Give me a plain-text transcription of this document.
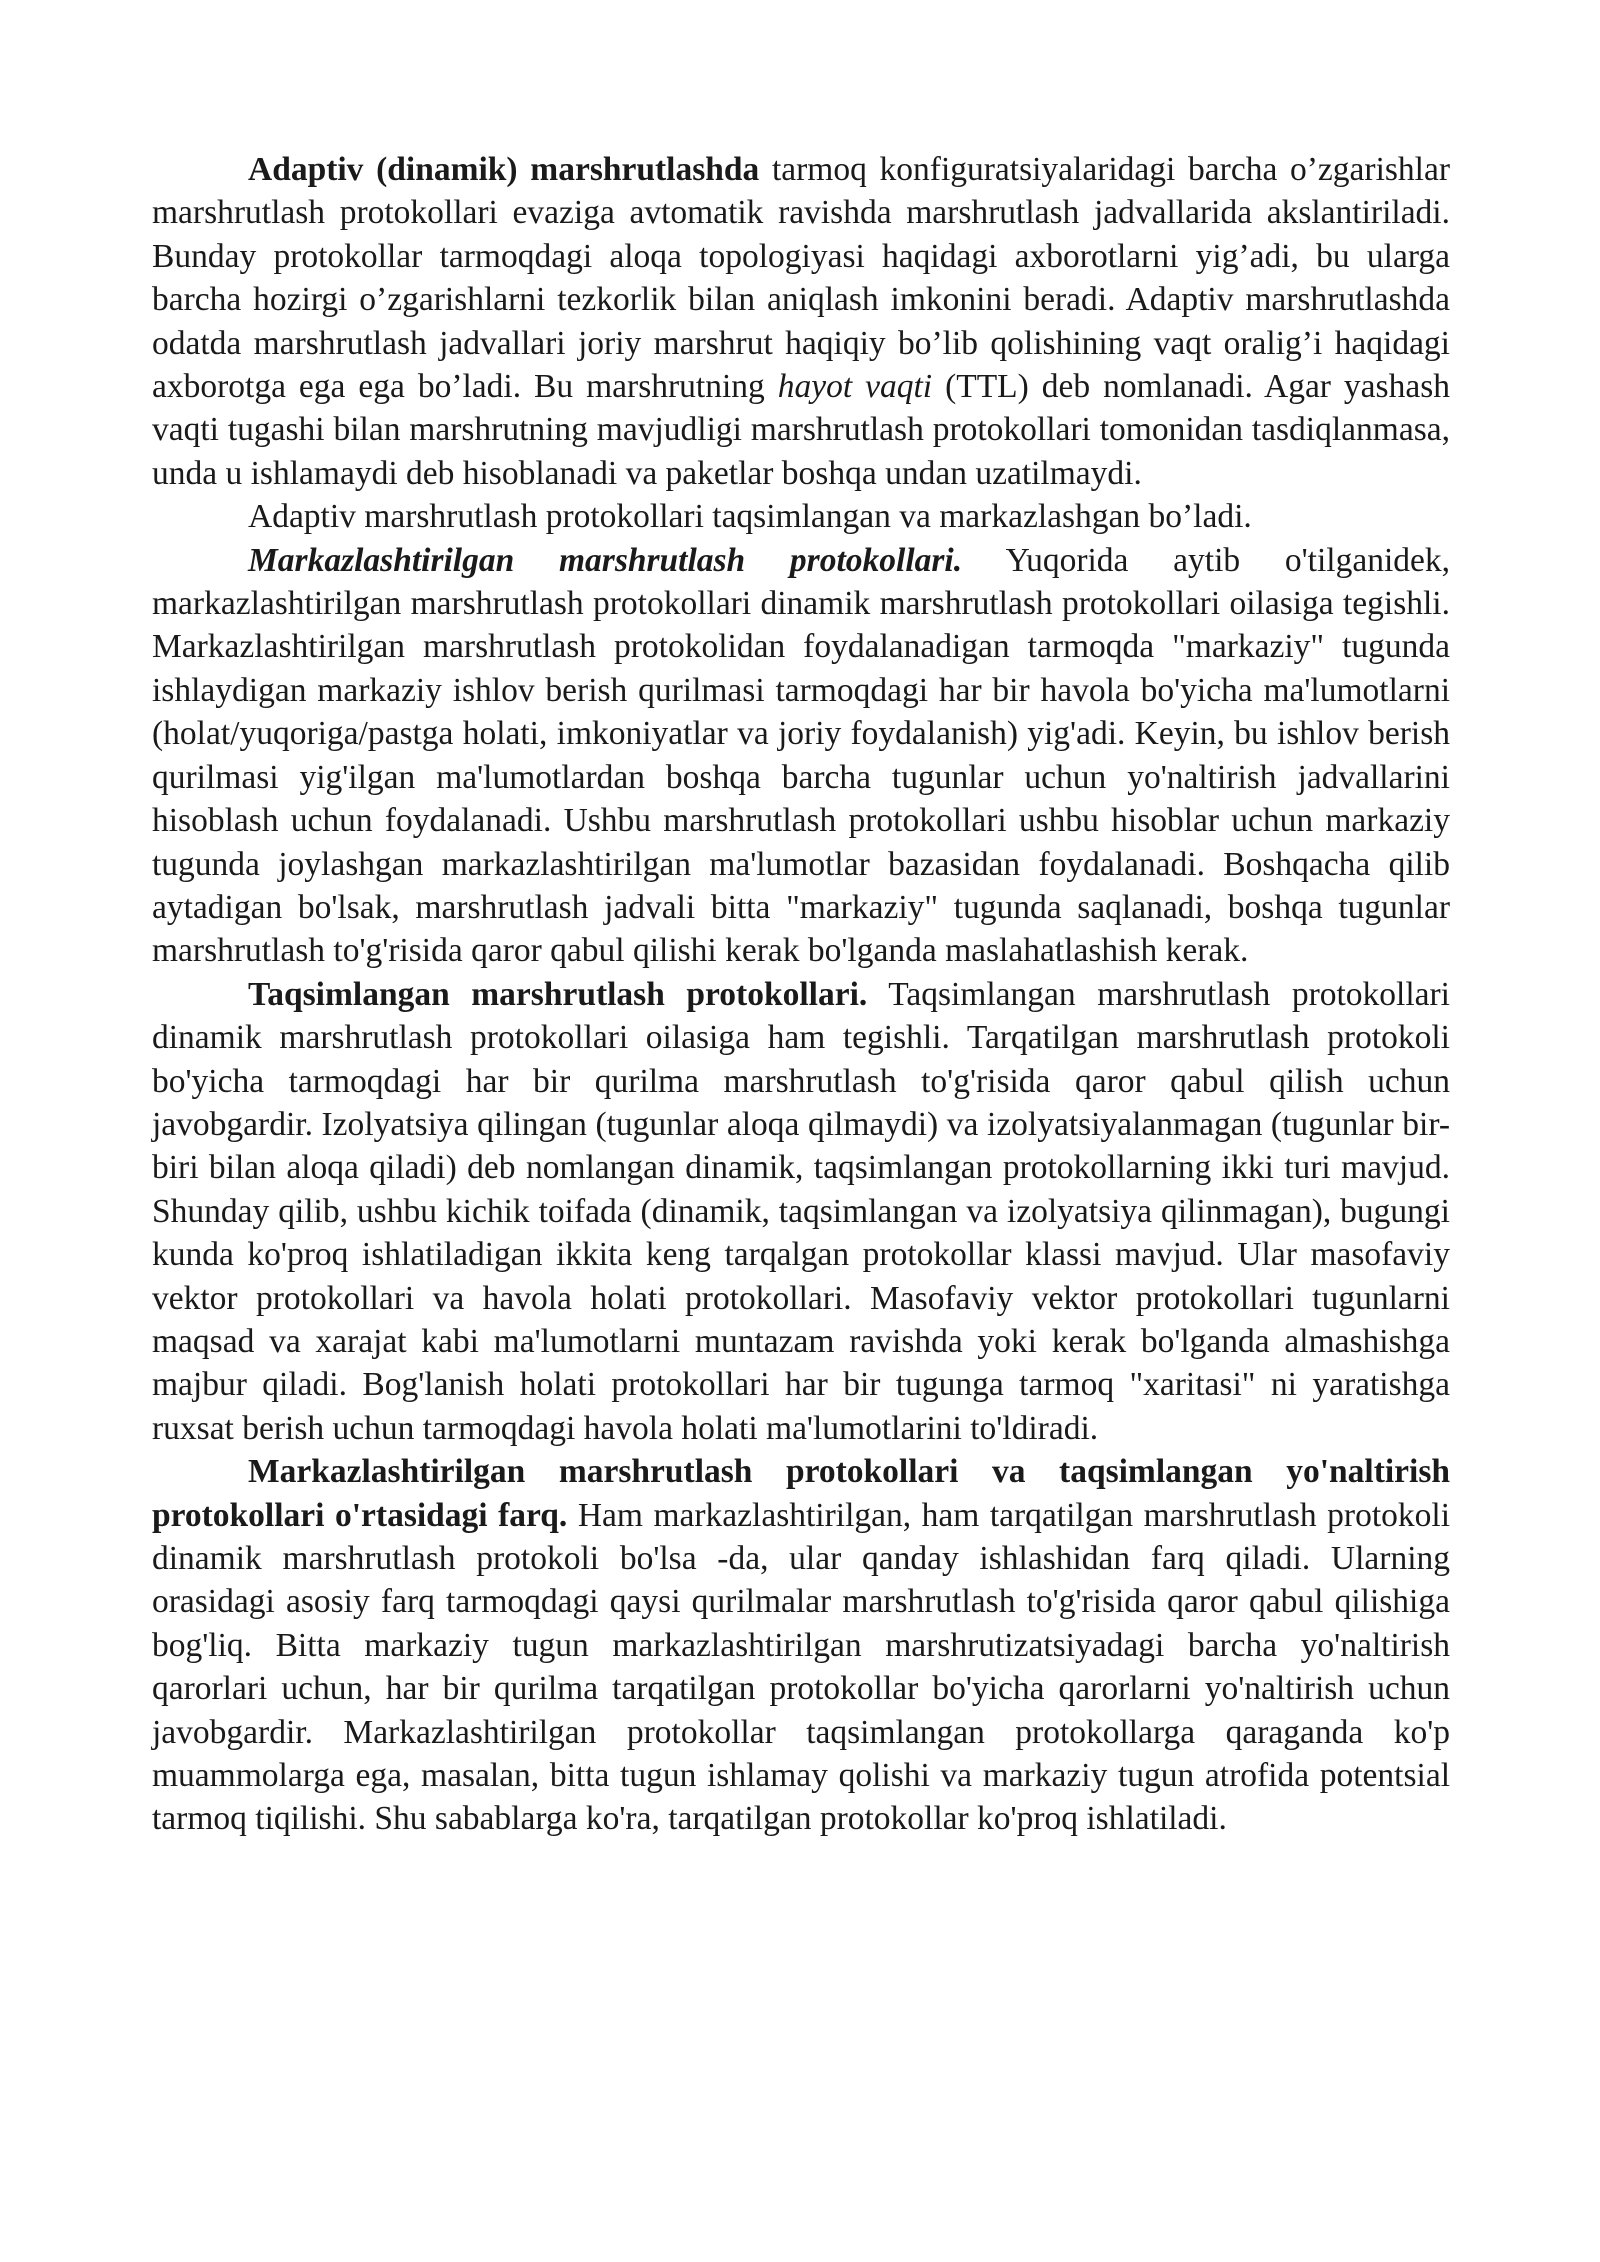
Adaptiv (dinamik) marshrutlashda tarmoq konfiguratsiyalaridagi barcha o’zgarishlar marshrutlash protokollari evaziga avtomatik ravishda marshrutlash jadvallarida akslantiriladi. Bunday protokollar tarmoqdagi aloqa topologiyasi haqidagi axborotlarni yig’adi, bu ularga barcha hozirgi o’zgarishlarni tezkorlik bilan aniqlash imkonini beradi. Adaptiv marshrutlashda odatda marshrutlash jadvallari joriy marshrut haqiqiy bo’lib qolishining vaqt oralig’i haqidagi axborotga ega ega bo’ladi. Bu marshrutning hayot vaqti (TTL) deb nomlanadi. Agar yashash vaqti tugashi bilan marshrutning mavjudligi marshrutlash protokollari tomonidan tasdiqlanmasa, unda u ishlamaydi deb hisoblanadi va paketlar boshqa undan uzatilmaydi.

Adaptiv marshrutlash protokollari taqsimlangan va markazlashgan bo’ladi.

Markazlashtirilgan marshrutlash protokollari. Yuqorida aytib o'tilganidek, markazlashtirilgan marshrutlash protokollari dinamik marshrutlash protokollari oilasiga tegishli. Markazlashtirilgan marshrutlash protokolidan foydalanadigan tarmoqda "markaziy" tugunda ishlaydigan markaziy ishlov berish qurilmasi tarmoqdagi har bir havola bo'yicha ma'lumotlarni (holat/yuqoriga/pastga holati, imkoniyatlar va joriy foydalanish) yig'adi. Keyin, bu ishlov berish qurilmasi yig'ilgan ma'lumotlardan boshqa barcha tugunlar uchun yo'naltirish jadvallarini hisoblash uchun foydalanadi. Ushbu marshrutlash protokollari ushbu hisoblar uchun markaziy tugunda joylashgan markazlashtirilgan ma'lumotlar bazasidan foydalanadi. Boshqacha qilib aytadigan bo'lsak, marshrutlash jadvali bitta "markaziy" tugunda saqlanadi, boshqa tugunlar marshrutlash to'g'risida qaror qabul qilishi kerak bo'lganda maslahatlashish kerak.

Taqsimlangan marshrutlash protokollari. Taqsimlangan marshrutlash protokollari dinamik marshrutlash protokollari oilasiga ham tegishli. Tarqatilgan marshrutlash protokoli bo'yicha tarmoqdagi har bir qurilma marshrutlash to'g'risida qaror qabul qilish uchun javobgardir. Izolyatsiya qilingan (tugunlar aloqa qilmaydi) va izolyatsiyalanmagan (tugunlar bir-biri bilan aloqa qiladi) deb nomlangan dinamik, taqsimlangan protokollarning ikki turi mavjud. Shunday qilib, ushbu kichik toifada (dinamik, taqsimlangan va izolyatsiya qilinmagan), bugungi kunda ko'proq ishlatiladigan ikkita keng tarqalgan protokollar klassi mavjud. Ular masofaviy vektor protokollari va havola holati protokollari. Masofaviy vektor protokollari tugunlarni maqsad va xarajat kabi ma'lumotlarni muntazam ravishda yoki kerak bo'lganda almashishga majbur qiladi. Bog'lanish holati protokollari har bir tugunga tarmoq "xaritasi" ni yaratishga ruxsat berish uchun tarmoqdagi havola holati ma'lumotlarini to'ldiradi.

Markazlashtirilgan marshrutlash protokollari va taqsimlangan yo'naltirish protokollari o'rtasidagi farq. Ham markazlashtirilgan, ham tarqatilgan marshrutlash protokoli dinamik marshrutlash protokoli bo'lsa -da, ular qanday ishlashidan farq qiladi. Ularning orasidagi asosiy farq tarmoqdagi qaysi qurilmalar marshrutlash to'g'risida qaror qabul qilishiga bog'liq. Bitta markaziy tugun markazlashtirilgan marshrutizatsiyadagi barcha yo'naltirish qarorlari uchun, har bir qurilma tarqatilgan protokollar bo'yicha qarorlarni yo'naltirish uchun javobgardir. Markazlashtirilgan protokollar taqsimlangan protokollarga qaraganda ko'p muammolarga ega, masalan, bitta tugun ishlamay qolishi va markaziy tugun atrofida potentsial tarmoq tiqilishi. Shu sabablarga ko'ra, tarqatilgan protokollar ko'proq ishlatiladi.
